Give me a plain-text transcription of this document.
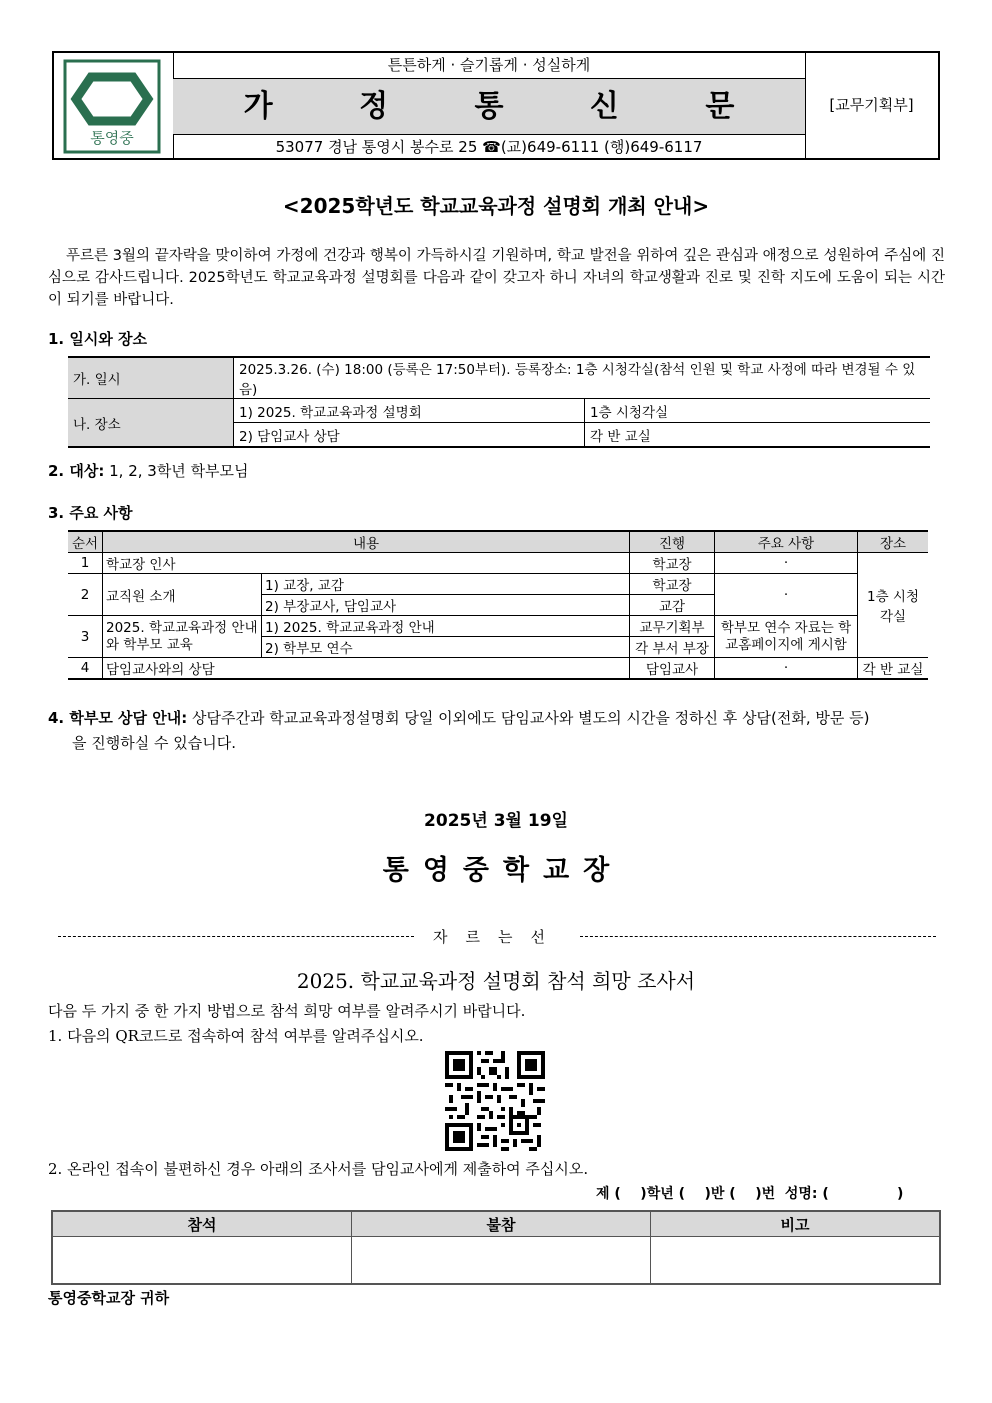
통영중
튼튼하게 · 슬기롭게 · 성실하게
가 정 통 신 문
53077 경남 통영시 봉수로 25 ☎(교)649-6111 (행)649-6117
[교무기획부]
<2025학년도 학교교육과정 설명회 개최 안내>
푸르른 3월의 끝자락을 맞이하여 가정에 건강과 행복이 가득하시길 기원하며, 학교 발전을 위하여 깊은 관심과 애정으로 성원하여 주심에 진심으로 감사드립니다. 2025학년도 학교교육과정 설명회를 다음과 같이 갖고자 하니 자녀의 학교생활과 진로 및 진학 지도에 도움이 되는 시간이 되기를 바랍니다.
1. 일시와 장소
가. 일시	2025.3.26. (수) 18:00 (등록은 17:50부터). 등록장소: 1층 시청각실(참석 인원 및 학교 사정에 따라 변경될 수 있음)	
나. 장소	1) 2025. 학교교육과정 설명회	1층 시청각실
	2) 담임교사 상담	각 반 교실
2. 대상: 1, 2, 3학년 학부모님
3. 주요 사항
순서	내용		진행	주요 사항	장소
1	학교장 인사		학교장	·	1층 시청각실
2	교직원 소개	1) 교장, 교감	학교장	·	
		2) 부장교사, 담임교사	교감		
3	2025. 학교교육과정 안내와 학부모 교육	1) 2025. 학교교육과정 안내	교무기획부	학부모 연수 자료는 학교홈페이지에 게시함	
		2) 학부모 연수	각 부서 부장		
4	담임교사와의 상담		담임교사	·	각 반 교실
4. 학부모 상담 안내: 상담주간과 학교교육과정설명회 당일 이외에도 담임교사와 별도의 시간을 정하신 후 상담(전화, 방문 등)
을 진행하실 수 있습니다.
2025년 3월 19일
통영중학교장
자르는선
2025. 학교교육과정 설명회 참석 희망 조사서
다음 두 가지 중 한 가지 방법으로 참석 희망 여부를 알려주시기 바랍니다.
1. 다음의 QR코드로 접속하여 참석 여부를 알려주십시오.
2. 온라인 접속이 불편하신 경우 아래의 조사서를 담임교사에게 제출하여 주십시오.
제 (    )학년 (    )반 (    )번  성명: (              )
참석	불참	비고

통영중학교장 귀하
